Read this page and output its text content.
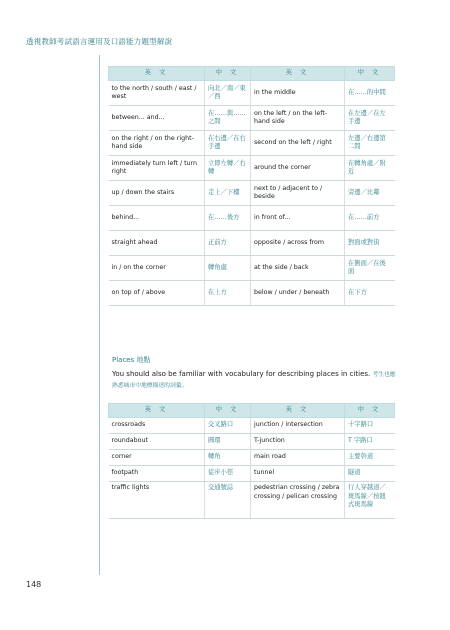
透視教師考試語言運用及口語能力題型解說
英 文	中 文	英 文	中 文
to the north / south / east / west	向北／南／東／西	in the middle	在……的中間
between... and...	在……與……之間	on the left / on the left-hand side	在左邊／在左手邊
on the right / on the right-hand side	在右邊／在右手邊	second on the left / right	左邊／右邊第二間
immediately turn left / turn right	立即左轉／右轉	around the corner	在轉角處／附近
up / down the stairs	走上／下樓	next to / adjacent to / beside	旁邊／比鄰
behind...	在……後方	in front of...	在……前方
straight ahead	正前方	opposite / across from	對面或對街
in / on the corner	轉角處	at the side / back	在側面／在後面
on top of / above	在上方	below / under / beneath	在下方
Places 地點
You should also be familiar with vocabulary for describing places in cities. 考生也應熟悉城市中地標描述的詞彙。
英 文	中 文	英 文	中 文
crossroads	交叉路口	junction / intersection	十字路口
roundabout	圓環	T-junction	T 字路口
corner	轉角	main road	主要幹道
footpath	徒步小徑	tunnel	隧道
traffic lights	交通號誌	pedestrian crossing / zebra crossing / pelican crossing	行人穿越道／斑馬線／按鈕式斑馬線
148
